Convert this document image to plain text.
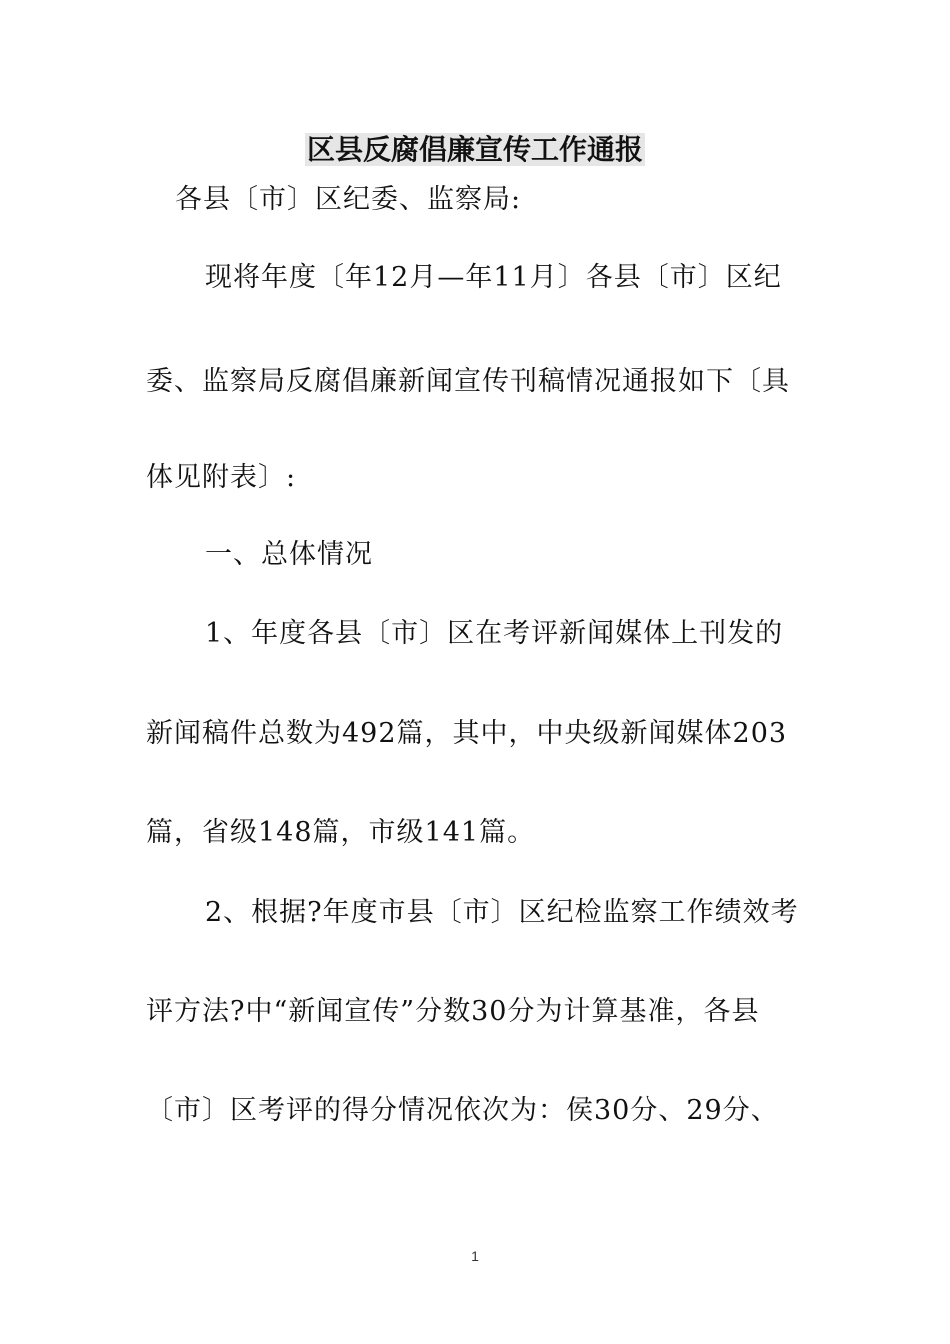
区县反腐倡廉宣传工作通报
各县〔市〕区纪委、监察局:
现将年度〔年12月—年11月〕各县〔市〕区纪
委、监察局反腐倡廉新闻宣传刊稿情况通报如下〔具
体见附表〕:
一、总体情况
1、年度各县〔市〕区在考评新闻媒体上刊发的
新闻稿件总数为492篇，其中，中央级新闻媒体203
篇，省级148篇，市级141篇。
2、根据?年度市县〔市〕区纪检监察工作绩效考
评方法?中“新闻宣传”分数30分为计算基准，各县
〔市〕区考评的得分情况依次为：侯30分、29分、
1
